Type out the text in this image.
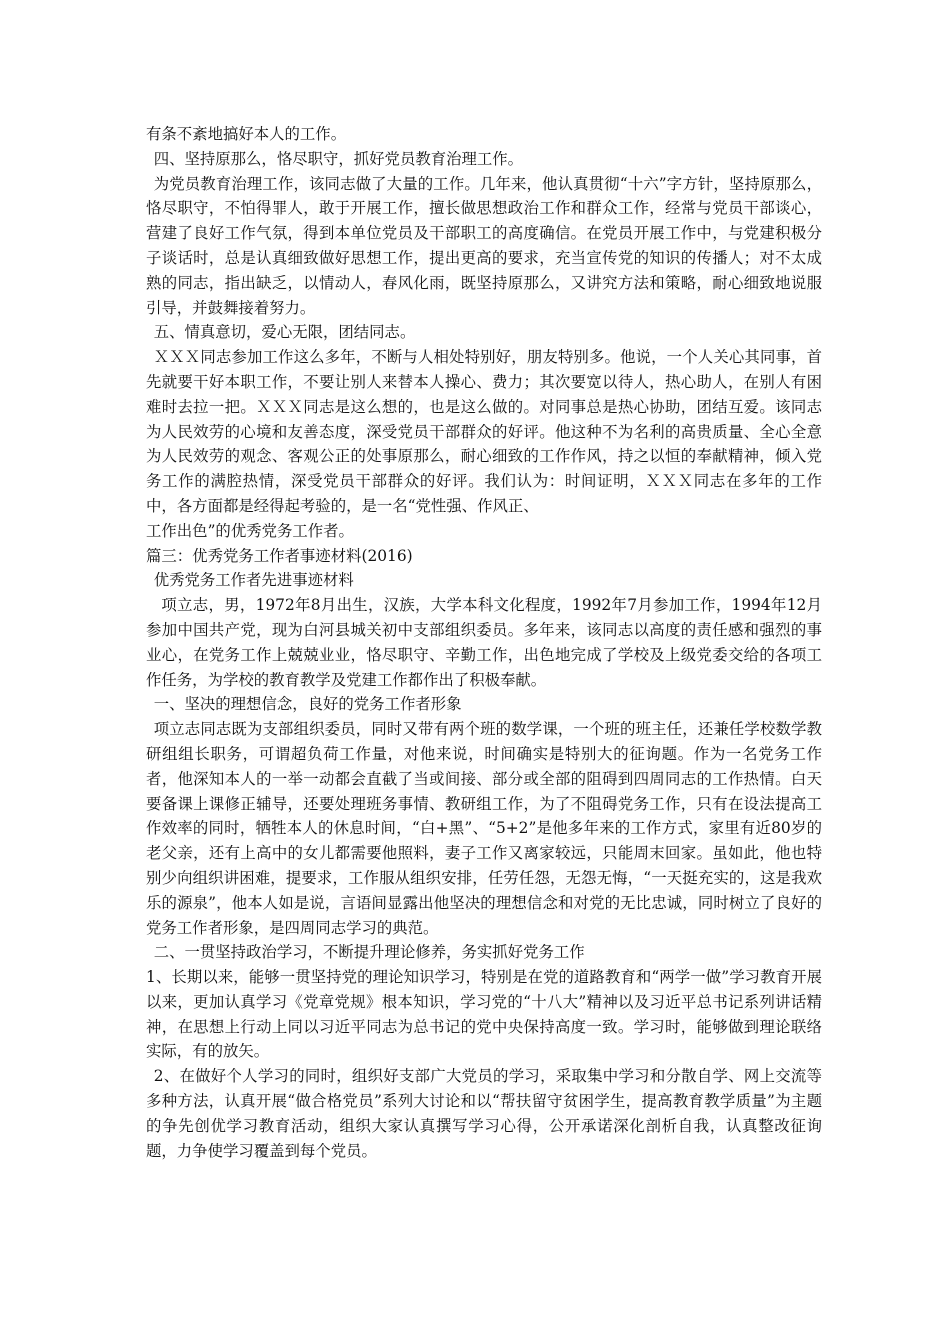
有条不紊地搞好本人的工作。

四、坚持原那么，恪尽职守，抓好党员教育治理工作。

为党员教育治理工作，该同志做了大量的工作。几年来，他认真贯彻“十六”字方针，坚持原那么，恪尽职守，不怕得罪人，敢于开展工作，擅长做思想政治工作和群众工作，经常与党员干部谈心，营建了良好工作气氛，得到本单位党员及干部职工的高度确信。在党员开展工作中，与党建积极分子谈话时，总是认真细致做好思想工作，提出更高的要求，充当宣传党的知识的传播人；对不太成熟的同志，指出缺乏，以情动人，春风化雨，既坚持原那么，又讲究方法和策略，耐心细致地说服引导，并鼓舞接着努力。

五、情真意切，爱心无限，团结同志。

ＸＸＸ同志参加工作这么多年，不断与人相处特别好，朋友特别多。他说，一个人关心其同事，首先就要干好本职工作，不要让别人来替本人操心、费力；其次要宽以待人，热心助人，在别人有困难时去拉一把。ＸＸＸ同志是这么想的，也是这么做的。对同事总是热心协助，团结互爱。该同志为人民效劳的心境和友善态度，深受党员干部群众的好评。他这种不为名利的高贵质量、全心全意为人民效劳的观念、客观公正的处事原那么，耐心细致的工作作风，持之以恒的奉献精神，倾入党务工作的满腔热情，深受党员干部群众的好评。我们认为：时间证明，ＸＸＸ同志在多年的工作中，各方面都是经得起考验的，是一名“党性强、作风正、

工作出色”的优秀党务工作者。

篇三：优秀党务工作者事迹材料(2016)

优秀党务工作者先进事迹材料

项立志，男，1972年8月出生，汉族，大学本科文化程度，1992年7月参加工作，1994年12月参加中国共产党，现为白河县城关初中支部组织委员。多年来，该同志以高度的责任感和强烈的事业心，在党务工作上兢兢业业，恪尽职守、辛勤工作，出色地完成了学校及上级党委交给的各项工作任务，为学校的教育教学及党建工作都作出了积极奉献。

一、坚决的理想信念，良好的党务工作者形象

项立志同志既为支部组织委员，同时又带有两个班的数学课，一个班的班主任，还兼任学校数学教研组组长职务，可谓超负荷工作量，对他来说，时间确实是特别大的征询题。作为一名党务工作者，他深知本人的一举一动都会直截了当或间接、部分或全部的阻碍到四周同志的工作热情。白天要备课上课修正辅导，还要处理班务事情、教研组工作，为了不阻碍党务工作，只有在设法提高工作效率的同时，牺牲本人的休息时间，“白+黑”、“5+2”是他多年来的工作方式，家里有近80岁的老父亲，还有上高中的女儿都需要他照料，妻子工作又离家较远，只能周末回家。虽如此，他也特别少向组织讲困难，提要求，工作服从组织安排，任劳任怨，无怨无悔，“一天挺充实的，这是我欢乐的源泉”，他本人如是说，言语间显露出他坚决的理想信念和对党的无比忠诚，同时树立了良好的党务工作者形象，是四周同志学习的典范。

二、一贯坚持政治学习，不断提升理论修养，务实抓好党务工作

1、长期以来，能够一贯坚持党的理论知识学习，特别是在党的道路教育和“两学一做”学习教育开展以来，更加认真学习《党章党规》根本知识，学习党的“十八大”精神以及习近平总书记系列讲话精神，在思想上行动上同以习近平同志为总书记的党中央保持高度一致。学习时，能够做到理论联络实际，有的放矢。

2、在做好个人学习的同时，组织好支部广大党员的学习，采取集中学习和分散自学、网上交流等多种方法，认真开展“做合格党员”系列大讨论和以“帮扶留守贫困学生，提高教育教学质量”为主题的争先创优学习教育活动，组织大家认真撰写学习心得，公开承诺深化剖析自我，认真整改征询题，力争使学习覆盖到每个党员。
